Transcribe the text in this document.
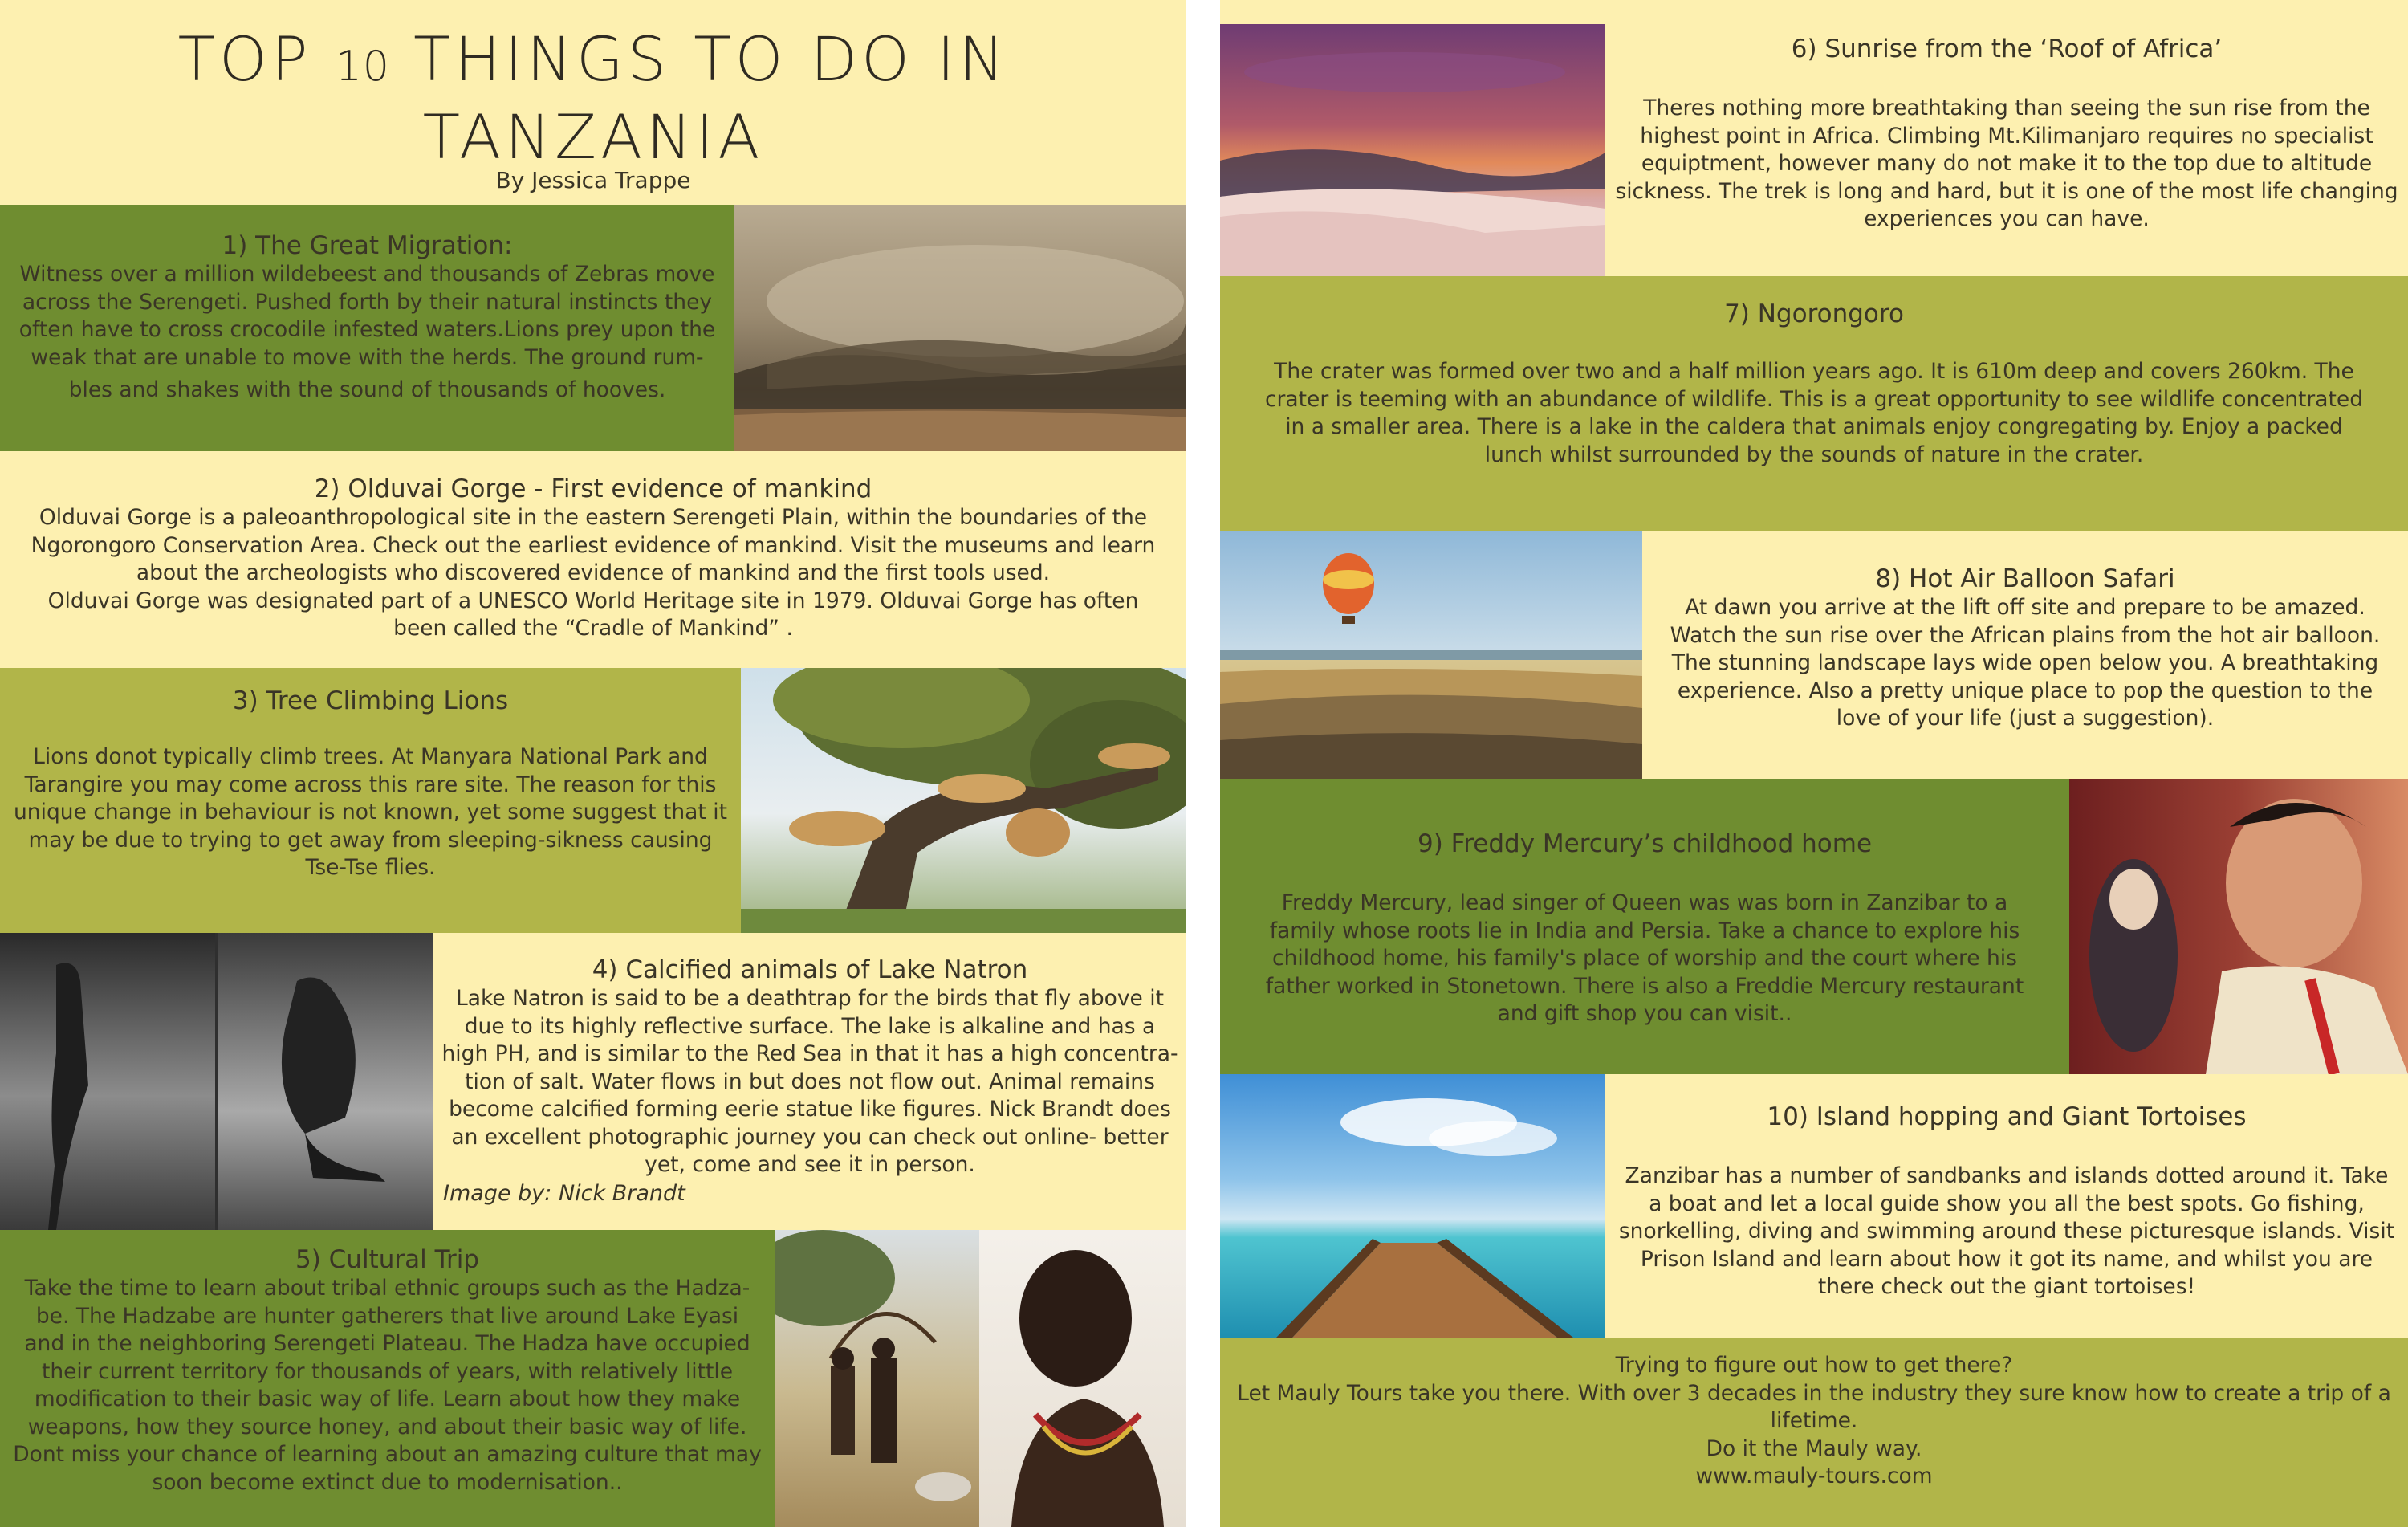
TOP 10 THINGS TO DO IN
TANZANIA
By Jessica Trappe
1) The Great Migration:

Witness over a million wildebeest and thousands of Zebras move
across the Serengeti. Pushed forth by their natural instincts they
often have to cross crocodile infested waters.Lions prey upon the
weak that are unable to move with the herds. The ground rum-
bles and shakes with the sound of thousands of hooves.

2) Olduvai Gorge - First evidence of mankind

Olduvai Gorge is a paleoanthropological site in the eastern Serengeti Plain, within the boundaries of the
Ngorongoro Conservation Area. Check out the earliest evidence of mankind. Visit the museums and learn
about the archeologists who discovered evidence of mankind and the first tools used.
Olduvai Gorge was designated part of a UNESCO World Heritage site in 1979. Olduvai Gorge has often
been called the “Cradle of Mankind” .

3) Tree Climbing Lions

Lions donot typically climb trees. At Manyara National Park and
Tarangire you may come across this rare site. The reason for this
unique change in behaviour is not known, yet some suggest that it
may be due to trying to get away from sleeping-sikness causing
Tse-Tse flies.

4) Calcified animals of Lake Natron

Lake Natron is said to be a deathtrap for the birds that fly above it
due to its highly reflective surface. The lake is alkaline and has a
high PH, and is similar to the Red Sea in that it has a high concentra-
tion of salt. Water flows in but does not flow out. Animal remains
become calcified forming eerie statue like figures. Nick Brandt does
an excellent photographic journey you can check out online- better
yet, come and see it in person.

Image by: Nick Brandt
5) Cultural Trip

Take the time to learn about tribal ethnic groups such as the Hadza-
be. The Hadzabe are hunter gatherers that live around Lake Eyasi
and in the neighboring Serengeti Plateau. The Hadza have occupied
their current territory for thousands of years, with relatively little
modification to their basic way of life. Learn about how they make
weapons, how they source honey, and about their basic way of life.
Dont miss your chance of learning about an amazing culture that may
soon become extinct due to modernisation..

6) Sunrise from the ‘Roof of Africa’

Theres nothing more breathtaking than seeing the sun rise from the
highest point in Africa. Climbing Mt.Kilimanjaro requires no specialist
equiptment, however many do not make it to the top due to altitude
sickness. The trek is long and hard, but it is one of the most life changing
experiences you can have.

7) Ngorongoro

The crater was formed over two and a half million years ago. It is 610m deep and covers 260km. The
crater is teeming with an abundance of wildlife. This is a great opportunity to see wildlife concentrated
in a smaller area. There is a lake in the caldera that animals enjoy congregating by. Enjoy a packed
lunch whilst surrounded by the sounds of nature in the crater.

8) Hot Air Balloon Safari

At dawn you arrive at the lift off site and prepare to be amazed.
Watch the sun rise over the African plains from the hot air balloon.
The stunning landscape lays wide open below you. A breathtaking
experience. Also a pretty unique place to pop the question to the
love of your life (just a suggestion).

9) Freddy Mercury’s childhood home

Freddy Mercury, lead singer of Queen was was born in Zanzibar to a
family whose roots lie in India and Persia. Take a chance to explore his
childhood home, his family's place of worship and the court where his
father worked in Stonetown. There is also a Freddie Mercury restaurant
and gift shop you can visit..

10) Island hopping and Giant Tortoises

Zanzibar has a number of sandbanks and islands dotted around it. Take
a boat and let a local guide show you all the best spots. Go fishing,
snorkelling, diving and swimming around these picturesque islands. Visit
Prison Island and learn about how it got its name, and whilst you are
there check out the giant tortoises!

Trying to figure out how to get there?
Let Mauly Tours take you there. With over 3 decades in the industry they sure know how to create a trip of a
lifetime.
Do it the Mauly way.
www.mauly-tours.com
